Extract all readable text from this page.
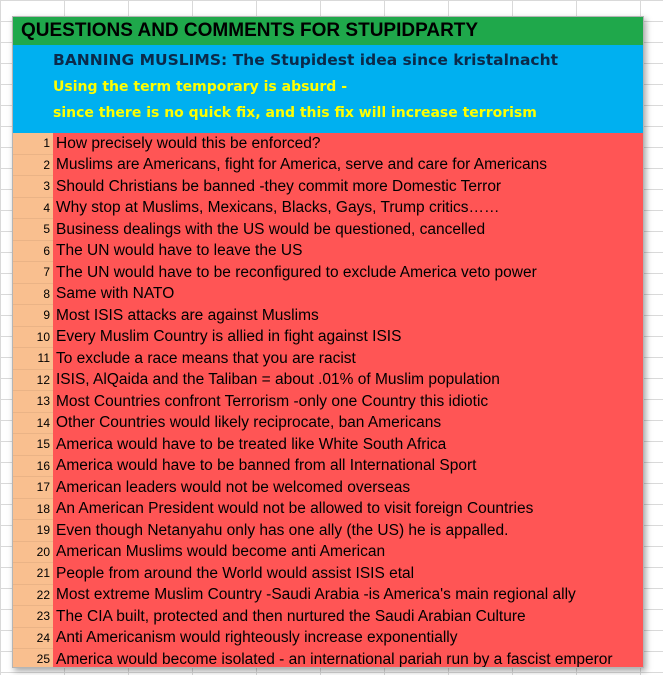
QUESTIONS AND COMMENTS FOR STUPIDPARTY
BANNING MUSLIMS: The Stupidest idea since kristalnacht
Using the term temporary is absurd -
since there is no quick fix, and this fix will increase terrorism
1 How precisely would this be enforced?
2 Muslims are Americans, fight for America, serve and care for Americans
3 Should Christians be banned -they commit more Domestic Terror
4 Why stop at Muslims, Mexicans, Blacks, Gays, Trump critics……
5 Business dealings with the US would be questioned, cancelled
6 The UN would have to leave the US
7 The UN would have to be reconfigured to exclude America veto power
8 Same with NATO
9 Most ISIS attacks are against Muslims
10 Every Muslim Country is allied in fight against ISIS
11 To exclude a race means that you are racist
12 ISIS, AlQaida and the Taliban = about .01% of Muslim population
13 Most Countries confront Terrorism -only one Country this idiotic
14 Other Countries would likely reciprocate, ban Americans
15 America would have to be treated like White South Africa
16 America would have to be banned from all International Sport
17 American leaders would not be welcomed overseas
18 An American President would not be allowed to visit foreign Countries
19 Even though Netanyahu only has one ally (the US) he is appalled.
20 American Muslims would become anti American
21 People from around the World would assist ISIS etal
22 Most extreme Muslim Country -Saudi Arabia -is America's main regional ally
23 The CIA built, protected and then nurtured the Saudi Arabian Culture
24 Anti Americanism would righteously increase exponentially
25 America would become isolated - an international pariah run by a fascist emperor
